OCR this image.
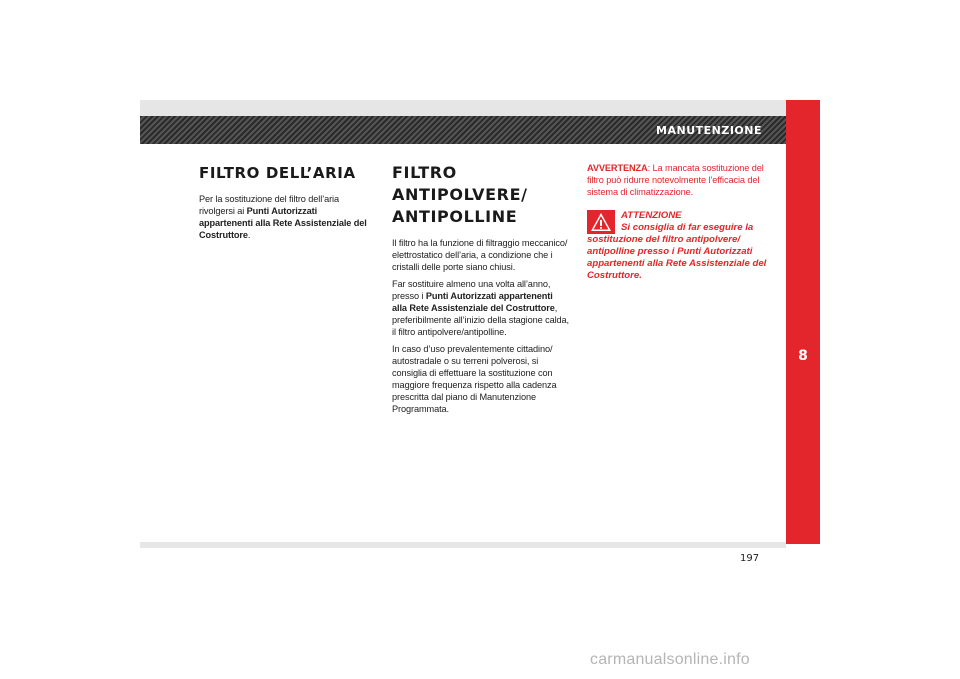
MANUTENZIONE
8
FILTRO DELL’ARIA

Per la sostituzione del filtro dell’aria rivolgersi ai Punti Autorizzati appartenenti alla Rete Assistenziale del Costruttore.

FILTRO
ANTIPOLVERE/
ANTIPOLLINE

Il filtro ha la funzione di filtraggio meccanico/ elettrostatico dell’aria, a condizione che i cristalli delle porte siano chiusi.

Far sostituire almeno una volta all’anno, presso i Punti Autorizzati appartenenti alla Rete Assistenziale del Costruttore, preferibilmente all’inizio della stagione calda, il filtro antipolvere/antipolline.

In caso d’uso prevalentemente cittadino/ autostradale o su terreni polverosi, si consiglia di effettuare la sostituzione con maggiore frequenza rispetto alla cadenza prescritta dal piano di Manutenzione Programmata.

AVVERTENZA: La mancata sostituzione del filtro può ridurre notevolmente l’efficacia del sistema di climatizzazione.

ATTENZIONE
Si consiglia di far eseguire la
sostituzione del filtro antipolvere/ antipolline presso i Punti Autorizzati appartenenti alla Rete Assistenziale del Costruttore.
197
carmanualsonline.info
